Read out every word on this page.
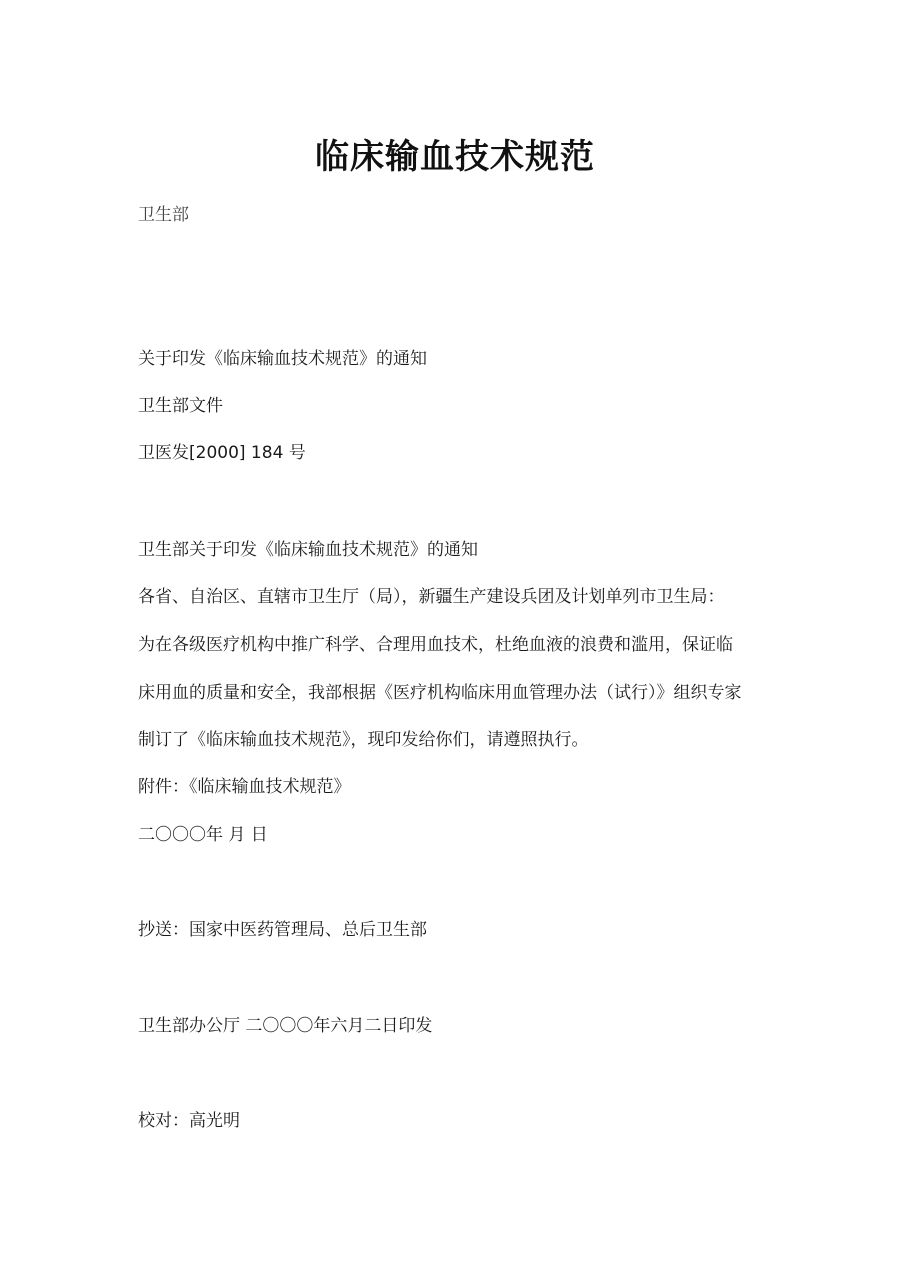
临床输血技术规范
卫生部
关于印发《临床输血技术规范》的通知
卫生部文件
卫医发[2000] 184 号
卫生部关于印发《临床输血技术规范》的通知
各省、自治区、直辖市卫生厅（局），新疆生产建设兵团及计划单列市卫生局：
为在各级医疗机构中推广科学、合理用血技术，杜绝血液的浪费和滥用，保证临
床用血的质量和安全，我部根据《医疗机构临床用血管理办法（试行）》组织专家
制订了《临床输血技术规范》，现印发给你们，请遵照执行。
附件：《临床输血技术规范》
二〇〇〇年 月 日
抄送：国家中医药管理局、总后卫生部
卫生部办公厅 二〇〇〇年六月二日印发
校对：高光明
